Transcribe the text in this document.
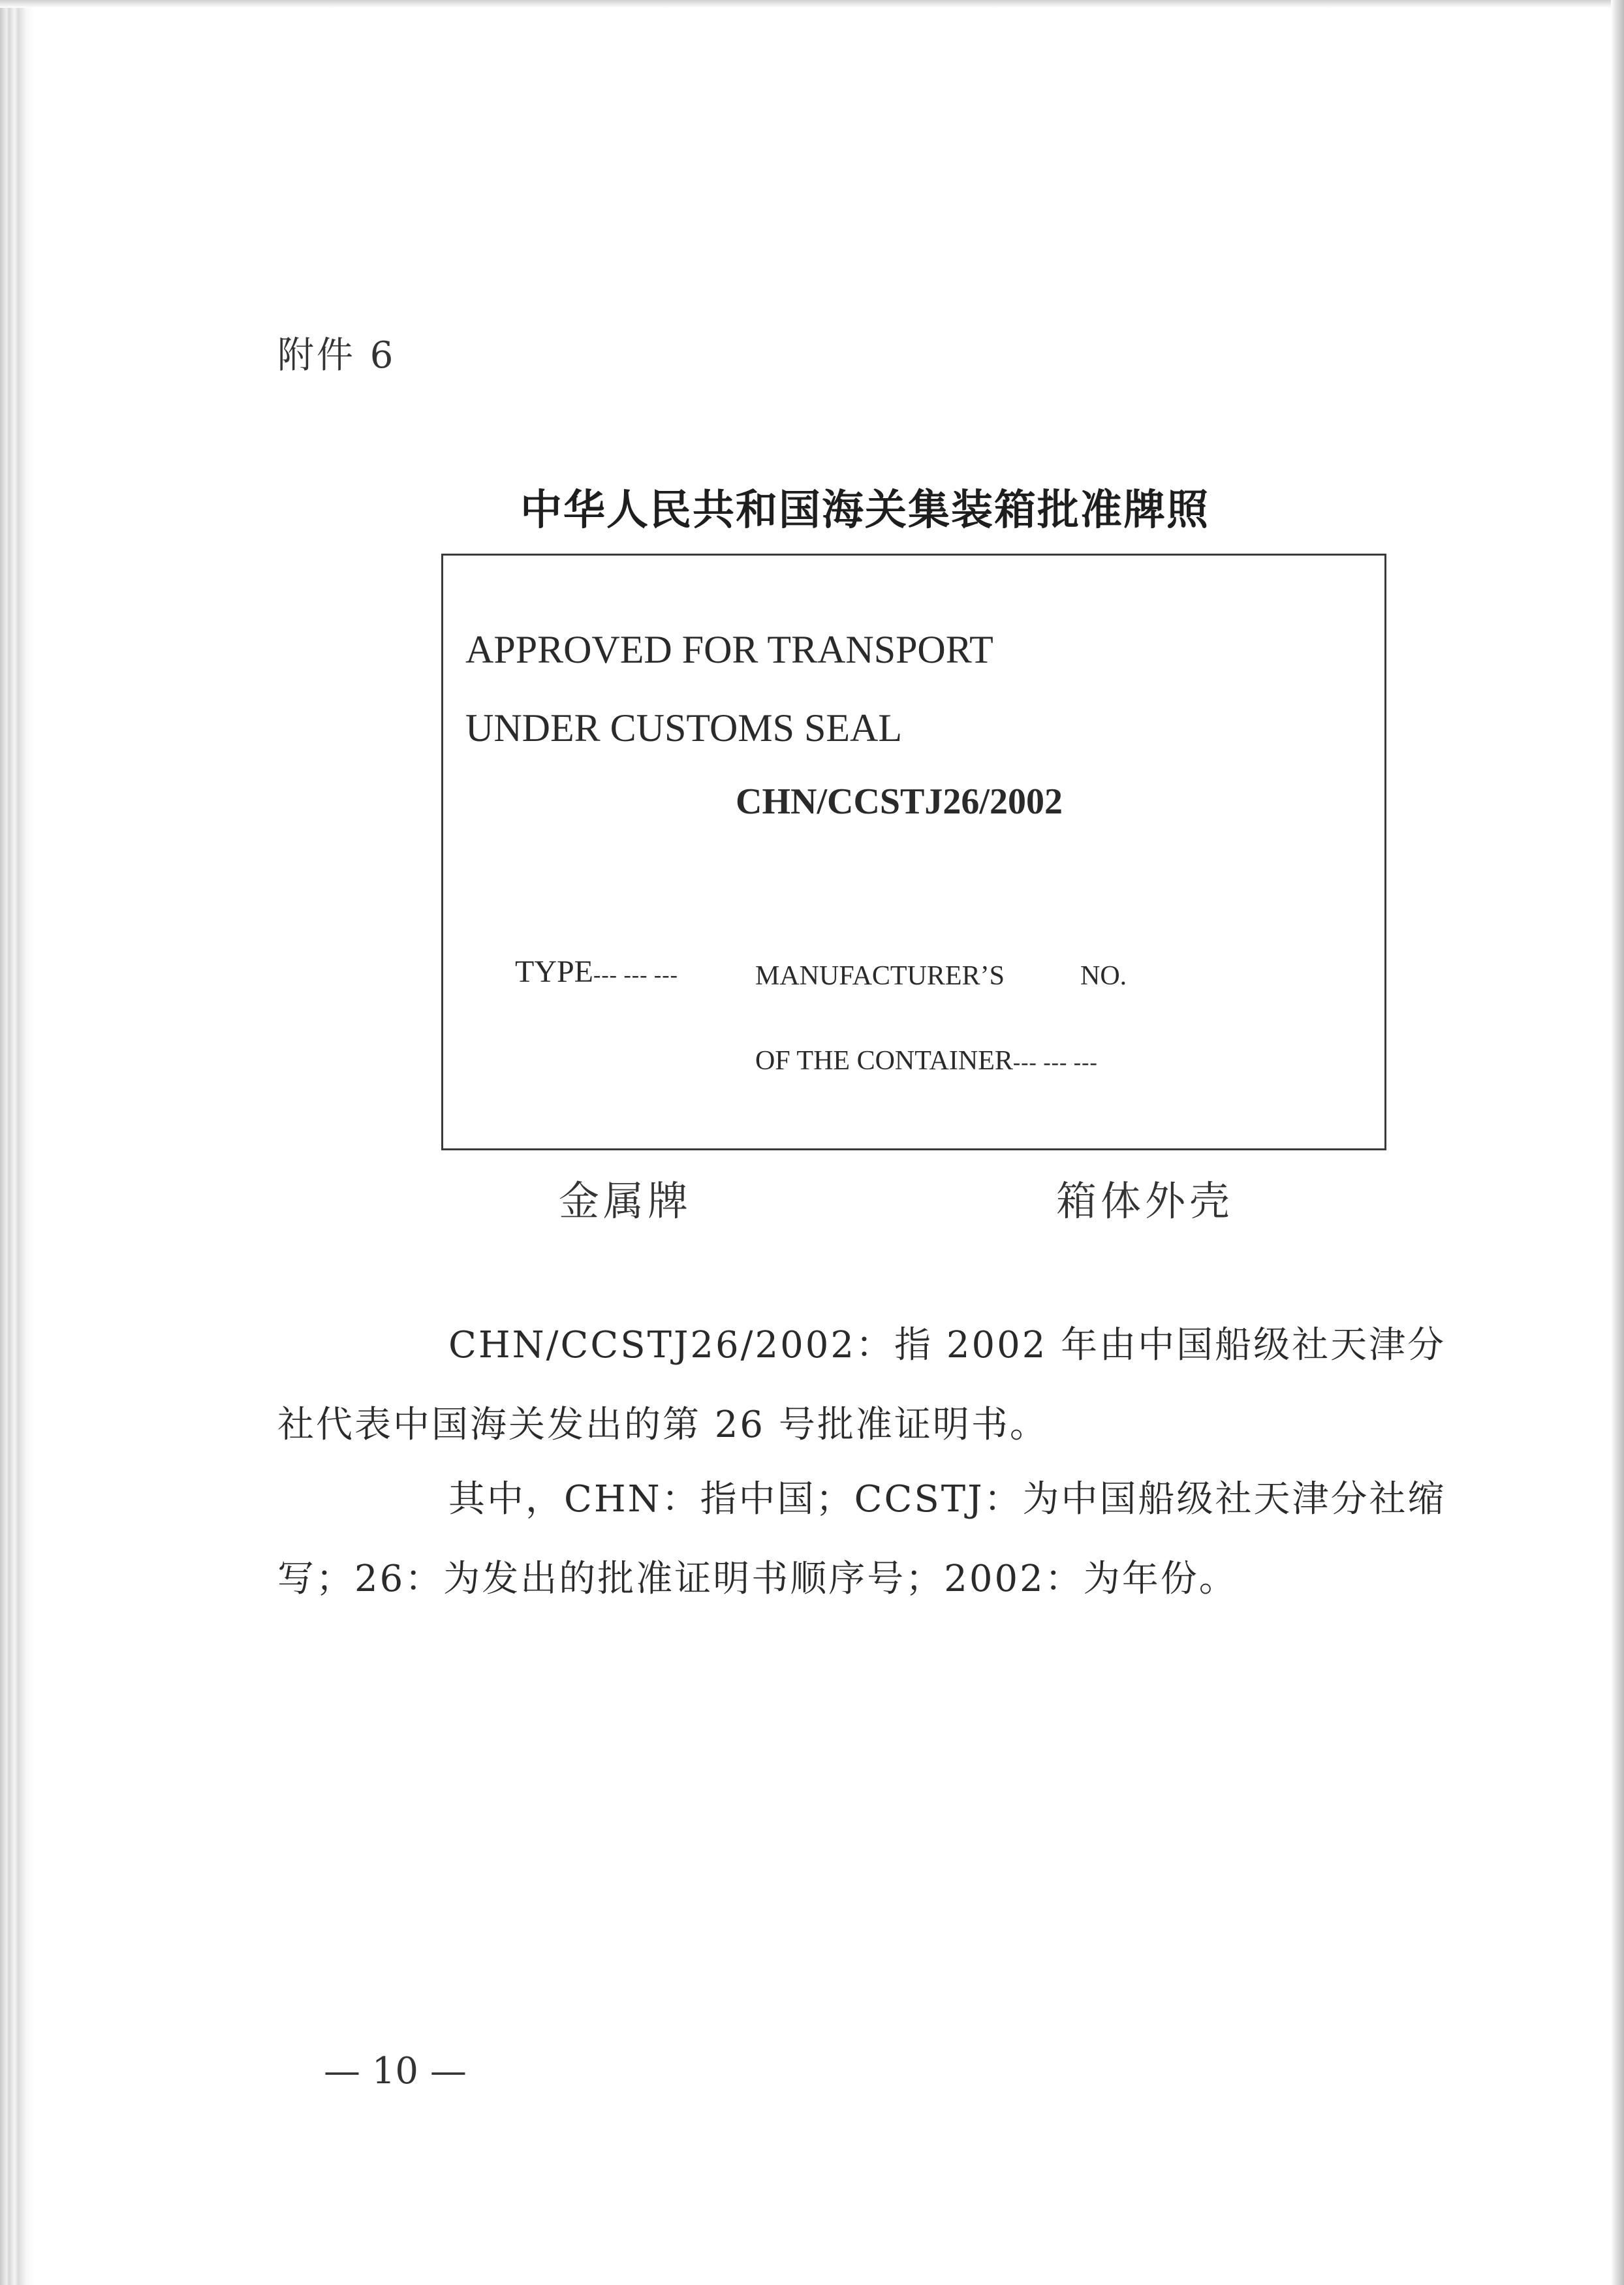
附件 6
中华人民共和国海关集装箱批准牌照
APPROVED FOR TRANSPORT
UNDER CUSTOMS SEAL
CHN/CCSTJ26/2002
TYPE--- --- ---	MANUFACTURER’S	NO.
OF THE CONTAINER--- --- ---
金属牌	箱体外壳
CHN/CCSTJ26/2002：指 2002 年由中国船级社天津分社代表中国海关发出的第 26 号批准证明书。
其中，CHN：指中国；CCSTJ：为中国船级社天津分社缩写；26：为发出的批准证明书顺序号；2002：为年份。
— 10 —
